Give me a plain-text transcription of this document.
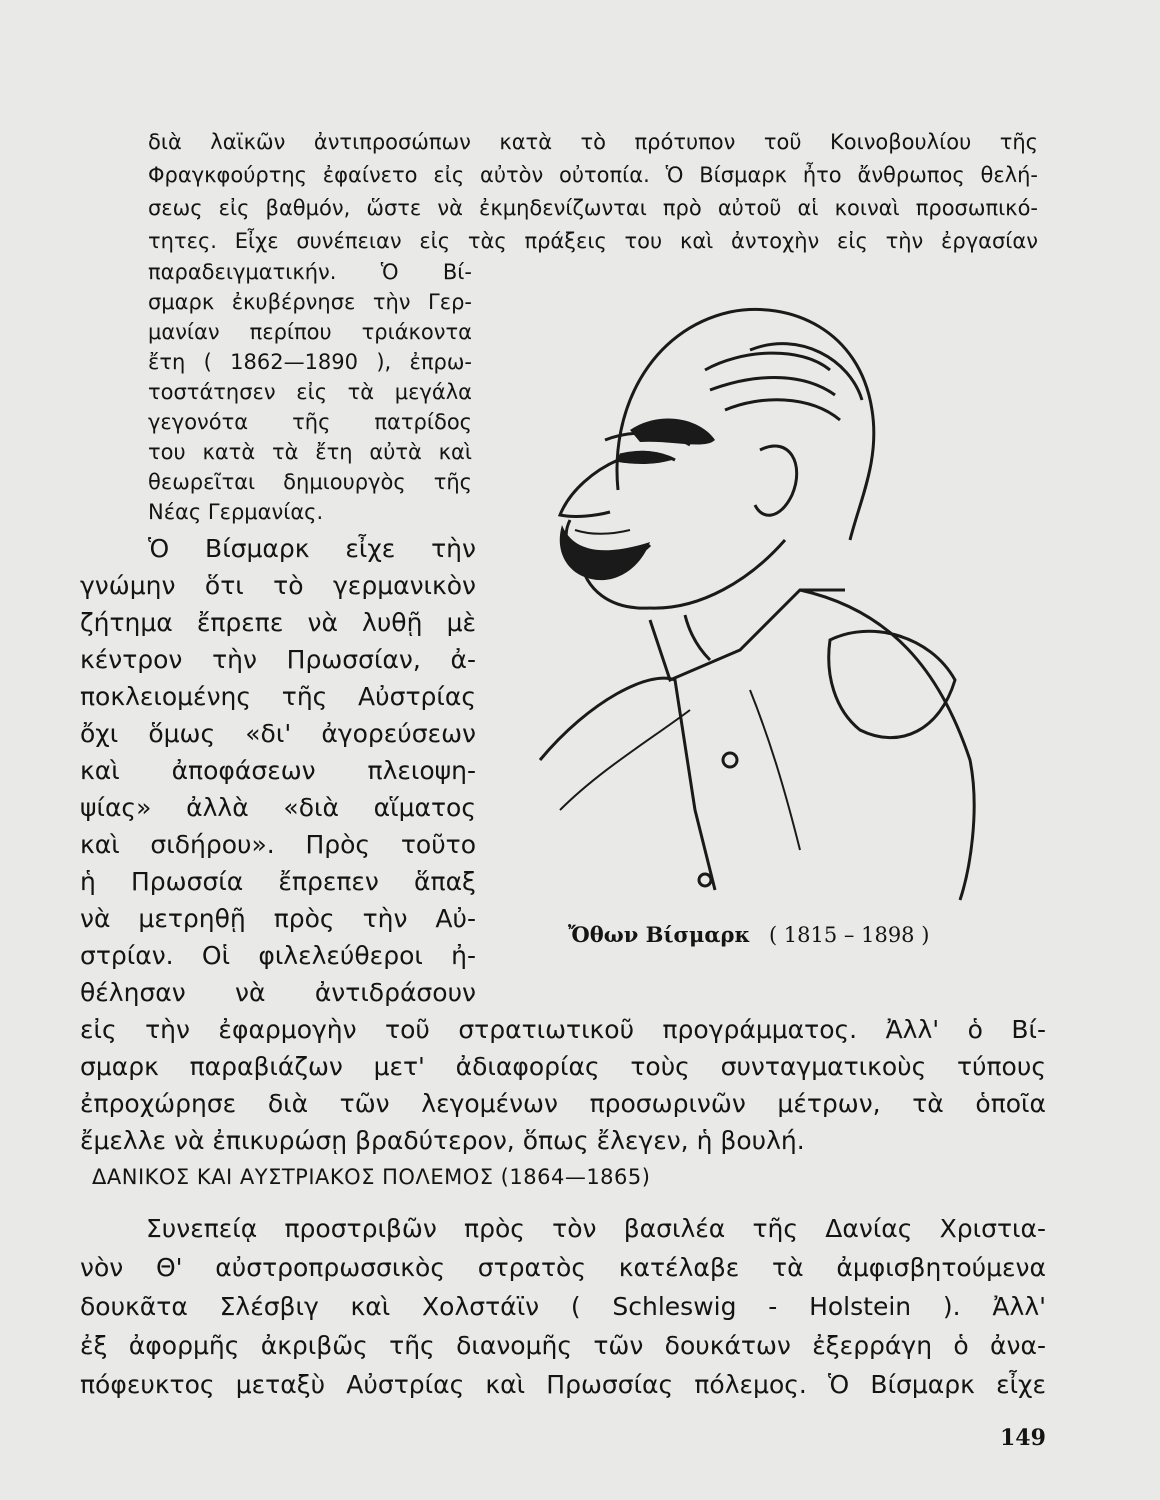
διὰ λαϊκῶν ἀντιπροσώπων κατὰ τὸ πρότυπον τοῦ Κοινοβουλίου τῆς
Φραγκφούρτης ἐφαίνετο εἰς αὐτὸν οὐτοπία. Ὁ Βίσμαρκ ἦτο ἄνθρωπος θελή-
σεως εἰς βαθμόν, ὥστε νὰ ἐκμηδενίζωνται πρὸ αὐτοῦ αἱ κοιναὶ προσωπικό-
τητες. Εἶχε συνέπειαν εἰς τὰς πράξεις του καὶ ἀντοχὴν εἰς τὴν ἐργασίαν
παραδειγματικήν. Ὁ Βί-
σμαρκ ἐκυβέρνησε τὴν Γερ-
μανίαν περίπου τριάκοντα
ἔτη ( 1862—1890 ), ἐπρω-
τοστάτησεν εἰς τὰ μεγάλα
γεγονότα τῆς πατρίδος
του κατὰ τὰ ἔτη αὐτὰ καὶ
θεωρεῖται δημιουργὸς τῆς
Νέας Γερμανίας.
Ὄθων Βίσμαρκ ( 1815 – 1898 )
Ὁ Βίσμαρκ εἶχε τὴν
γνώμην ὅτι τὸ γερμανικὸν
ζήτημα ἔπρεπε νὰ λυθῇ μὲ
κέντρον τὴν Πρωσσίαν, ἀ-
ποκλειομένης τῆς Αὐστρίας
ὄχι ὅμως «δι' ἀγορεύσεων
καὶ ἀποφάσεων πλειοψη-
ψίας» ἀλλὰ «διὰ αἵματος
καὶ σιδήρου». Πρὸς τοῦτο
ἡ Πρωσσία ἔπρεπεν ἅπαξ
νὰ μετρηθῇ πρὸς τὴν Αὐ-
στρίαν. Οἱ φιλελεύθεροι ἠ-
θέλησαν νὰ ἀντιδράσουν
εἰς τὴν ἐφαρμογὴν τοῦ στρατιωτικοῦ προγράμματος. Ἀλλ' ὁ Βί-
σμαρκ παραβιάζων μετ' ἀδιαφορίας τοὺς συνταγματικοὺς τύπους
ἐπροχώρησε διὰ τῶν λεγομένων προσωρινῶν μέτρων, τὰ ὁποῖα
ἔμελλε νὰ ἐπικυρώσῃ βραδύτερον, ὅπως ἔλεγεν, ἡ βουλή.
ΔΑΝΙΚΟΣ ΚΑΙ ΑΥΣΤΡΙΑΚΟΣ ΠΟΛΕΜΟΣ (1864—1865)
Συνεπείᾳ προστριβῶν πρὸς τὸν βασιλέα τῆς Δανίας Χριστια-
νὸν Θ' αὐστροπρωσσικὸς στρατὸς κατέλαβε τὰ ἀμφισβητούμενα
δουκᾶτα Σλέσβιγ καὶ Χολστάϊν ( Schleswig - Holstein ). Ἀλλ'
ἐξ ἀφορμῆς ἀκριβῶς τῆς διανομῆς τῶν δουκάτων ἐξερράγη ὁ ἀνα-
πόφευκτος μεταξὺ Αὐστρίας καὶ Πρωσσίας πόλεμος. Ὁ Βίσμαρκ εἶχε
149
